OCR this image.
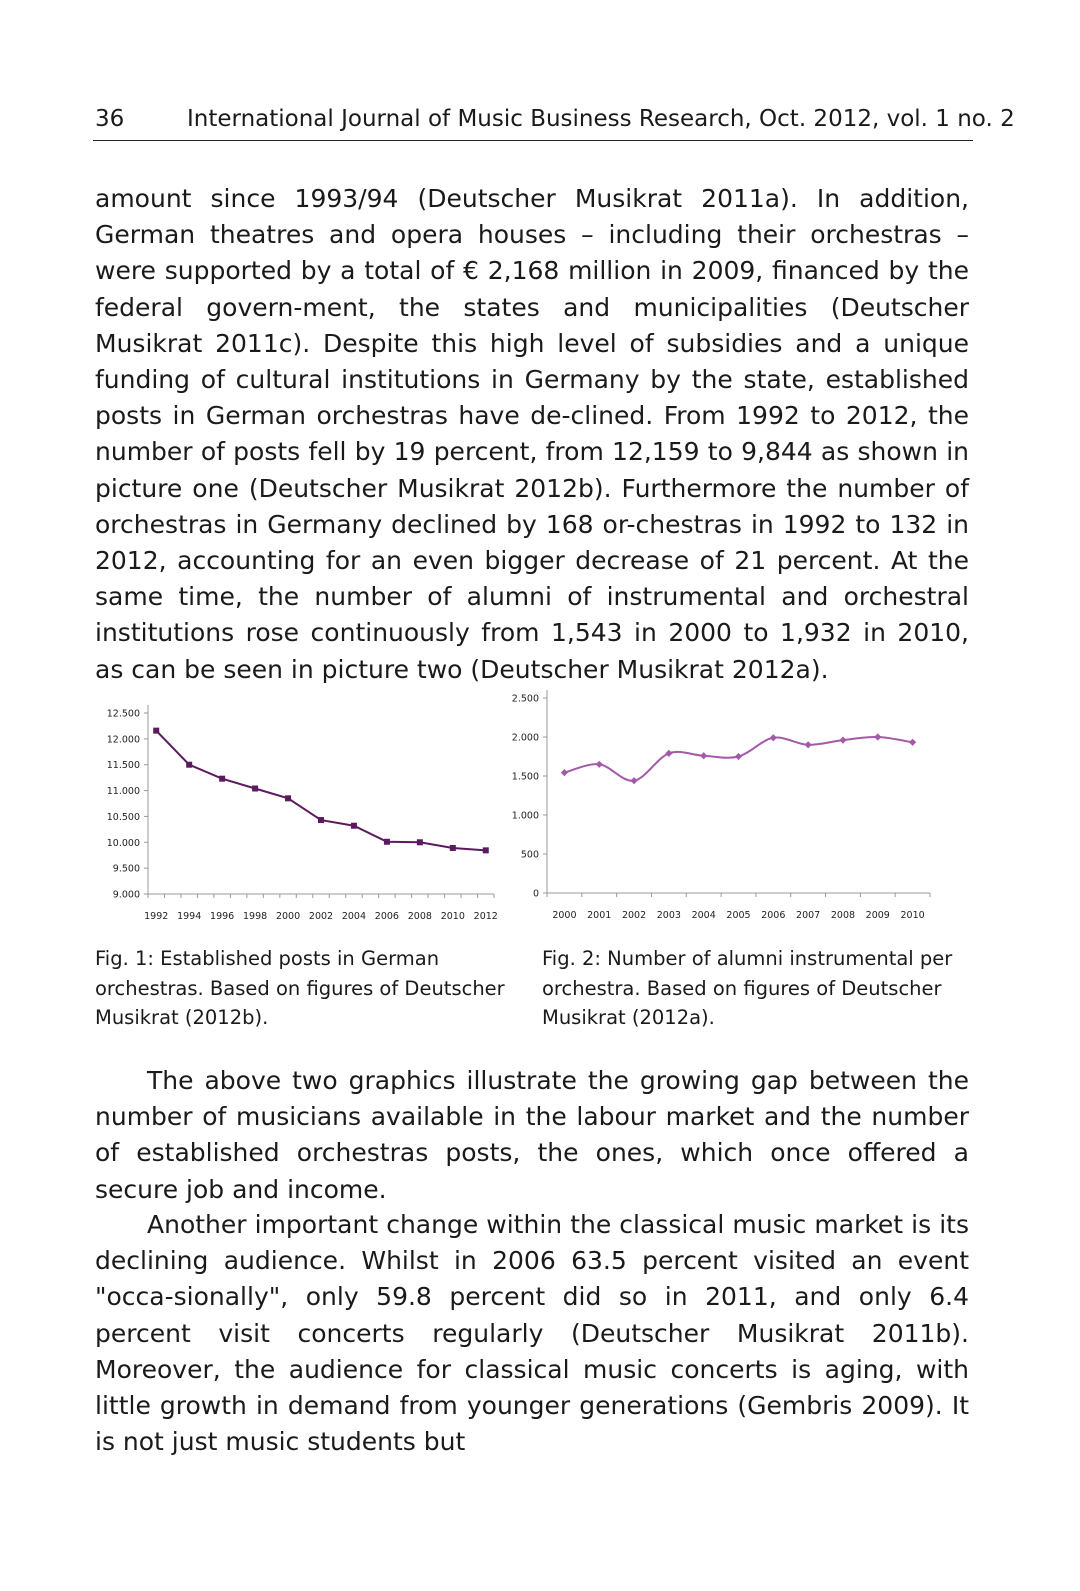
36	International Journal of Music Business Research, Oct. 2012, vol. 1 no. 2

amount since 1993/94 (Deutscher Musikrat 2011a). In addition, German theatres and opera houses – including their orchestras – were supported by a total of € 2,168 million in 2009, financed by the federal govern-ment, the states and municipalities (Deutscher Musikrat 2011c). Despite this high level of subsidies and a unique funding of cultural institutions in Germany by the state, established posts in German orchestras have de-clined. From 1992 to 2012, the number of posts fell by 19 percent, from 12,159 to 9,844 as shown in picture one (Deutscher Musikrat 2012b). Furthermore the number of orchestras in Germany declined by 168 or-chestras in 1992 to 132 in 2012, accounting for an even bigger decrease of 21 percent. At the same time, the number of alumni of instrumental and orchestral institutions rose continuously from 1,543 in 2000 to 1,932 in 2010, as can be seen in picture two (Deutscher Musikrat 2012a).

9.000
9.500
10.000
10.500
11.000
11.500
12.000
12.500
1992 1994 1996 1998 2000 2002 2004 2006 2008 2010 2012
0
500
1.000
1.500
2.000
2.500
2000 2001 2002 2003 2004 2005 2006 2007 2008 2009 2010

Fig. 1: Established posts in German orchestras. Based on figures of Deutscher Musikrat (2012b).

Fig. 2: Number of alumni instrumental per orchestra. Based on figures of Deutscher Musikrat (2012a).

The above two graphics illustrate the growing gap between the number of musicians available in the labour market and the number of established orchestras posts, the ones, which once offered a secure job and income.

Another important change within the classical music market is its declining audience. Whilst in 2006 63.5 percent visited an event "occa-sionally", only 59.8 percent did so in 2011, and only 6.4 percent visit concerts regularly (Deutscher Musikrat 2011b). Moreover, the audience for classical music concerts is aging, with little growth in demand from younger generations (Gembris 2009). It is not just music students but
